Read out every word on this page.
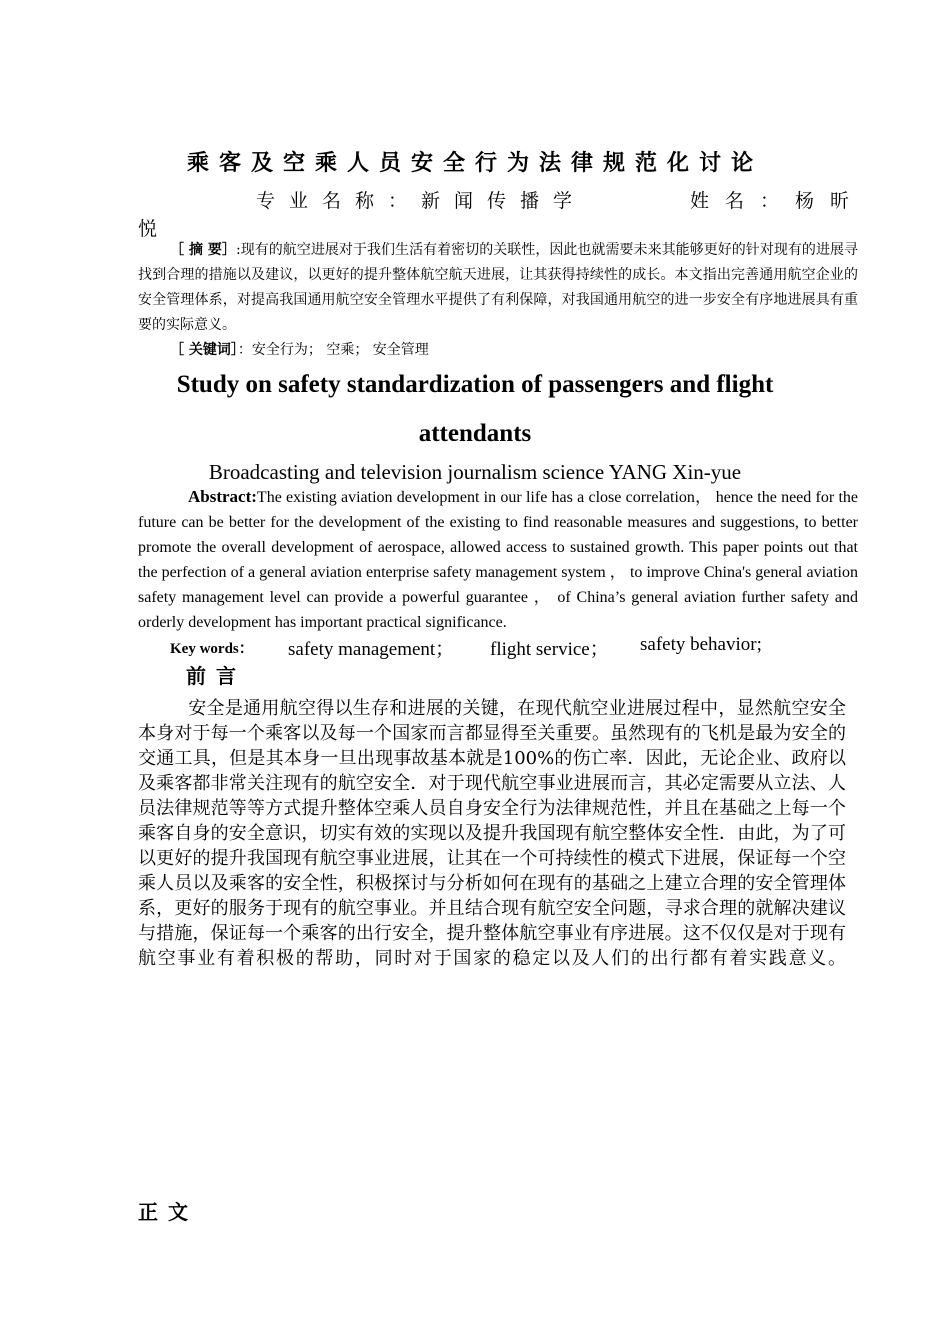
乘客及空乘人员安全行为法律规范化讨论
专业名称：新闻传播学	姓名：杨昕
悦
［ 摘 要］:现有的航空进展对于我们生活有着密切的关联性，因此也就需要未来其能够更好的针对现有的进展寻找到合理的措施以及建议，以更好的提升整体航空航天进展，让其获得持续性的成长。本文指出完善通用航空企业的安全管理体系，对提高我国通用航空安全管理水平提供了有利保障，对我国通用航空的进一步安全有序地进展具有重要的实际意义。
［ 关键词］：安全行为； 空乘； 安全管理
Study on safety standardization of passengers and flight attendants
Broadcasting and television journalism science YANG Xin-yue
Abstract:The existing aviation development in our life has a close correlation， hence the need for the future can be better for the development of the existing to find reasonable measures and suggestions, to better promote the overall development of aerospace, allowed access to sustained growth. This paper points out that the perfection of a general aviation enterprise safety management system ， to improve China's general aviation safety management level can provide a powerful guarantee ， of China’s general aviation further safety and orderly development has important practical significance.
Key words： safety management； flight service； safety behavior;
前言
安全是通用航空得以生存和进展的关键，在现代航空业进展过程中，显然航空安全本身对于每一个乘客以及每一个国家而言都显得至关重要。虽然现有的飞机是最为安全的交通工具，但是其本身一旦出现事故基本就是100%的伤亡率．因此，无论企业、政府以及乘客都非常关注现有的航空安全．对于现代航空事业进展而言，其必定需要从立法、人员法律规范等等方式提升整体空乘人员自身安全行为法律规范性，并且在基础之上每一个乘客自身的安全意识，切实有效的实现以及提升我国现有航空整体安全性．由此，为了可以更好的提升我国现有航空事业进展，让其在一个可持续性的模式下进展，保证每一个空乘人员以及乘客的安全性，积极探讨与分析如何在现有的基础之上建立合理的安全管理体系，更好的服务于现有的航空事业。并且结合现有航空安全问题，寻求合理的就解决建议与措施，保证每一个乘客的出行安全，提升整体航空事业有序进展。这不仅仅是对于现有航空事业有着积极的帮助，同时对于国家的稳定以及人们的出行都有着实践意义。
正文
